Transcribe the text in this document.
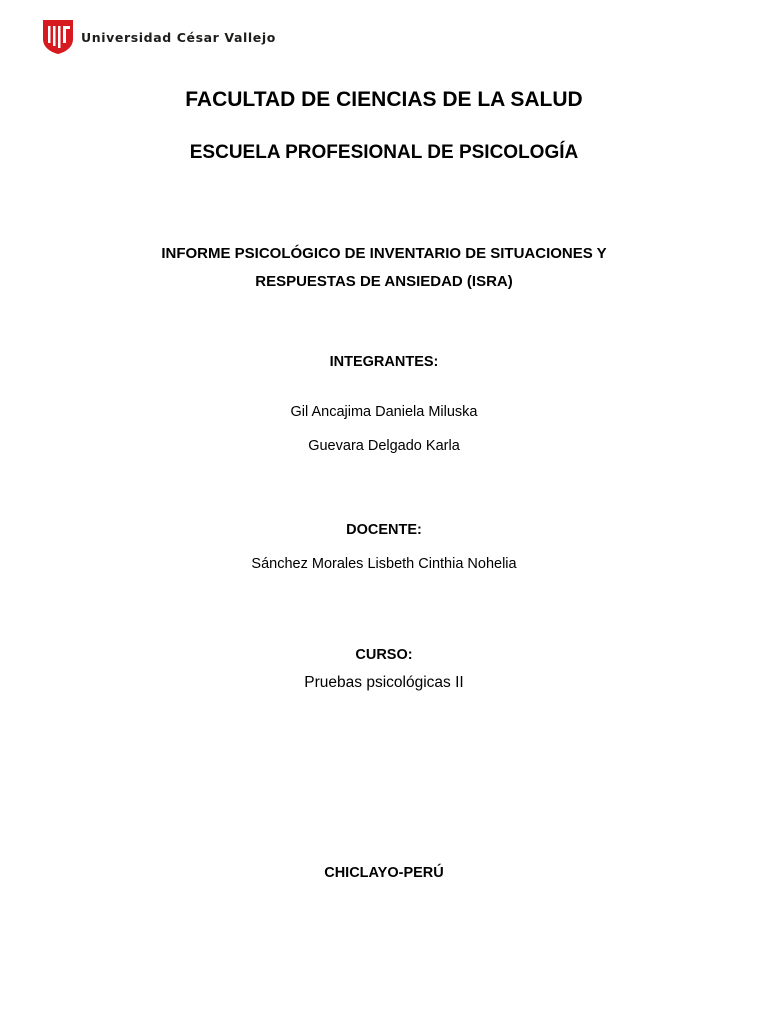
Universidad César Vallejo
FACULTAD DE CIENCIAS DE LA SALUD
ESCUELA PROFESIONAL DE PSICOLOGÍA
INFORME PSICOLÓGICO DE INVENTARIO DE SITUACIONES Y
RESPUESTAS DE ANSIEDAD (ISRA)
INTEGRANTES:
Gil Ancajima Daniela Miluska
Guevara Delgado Karla
DOCENTE:
Sánchez Morales Lisbeth Cinthia Nohelia
CURSO:
Pruebas psicológicas II
CHICLAYO-PERÚ
